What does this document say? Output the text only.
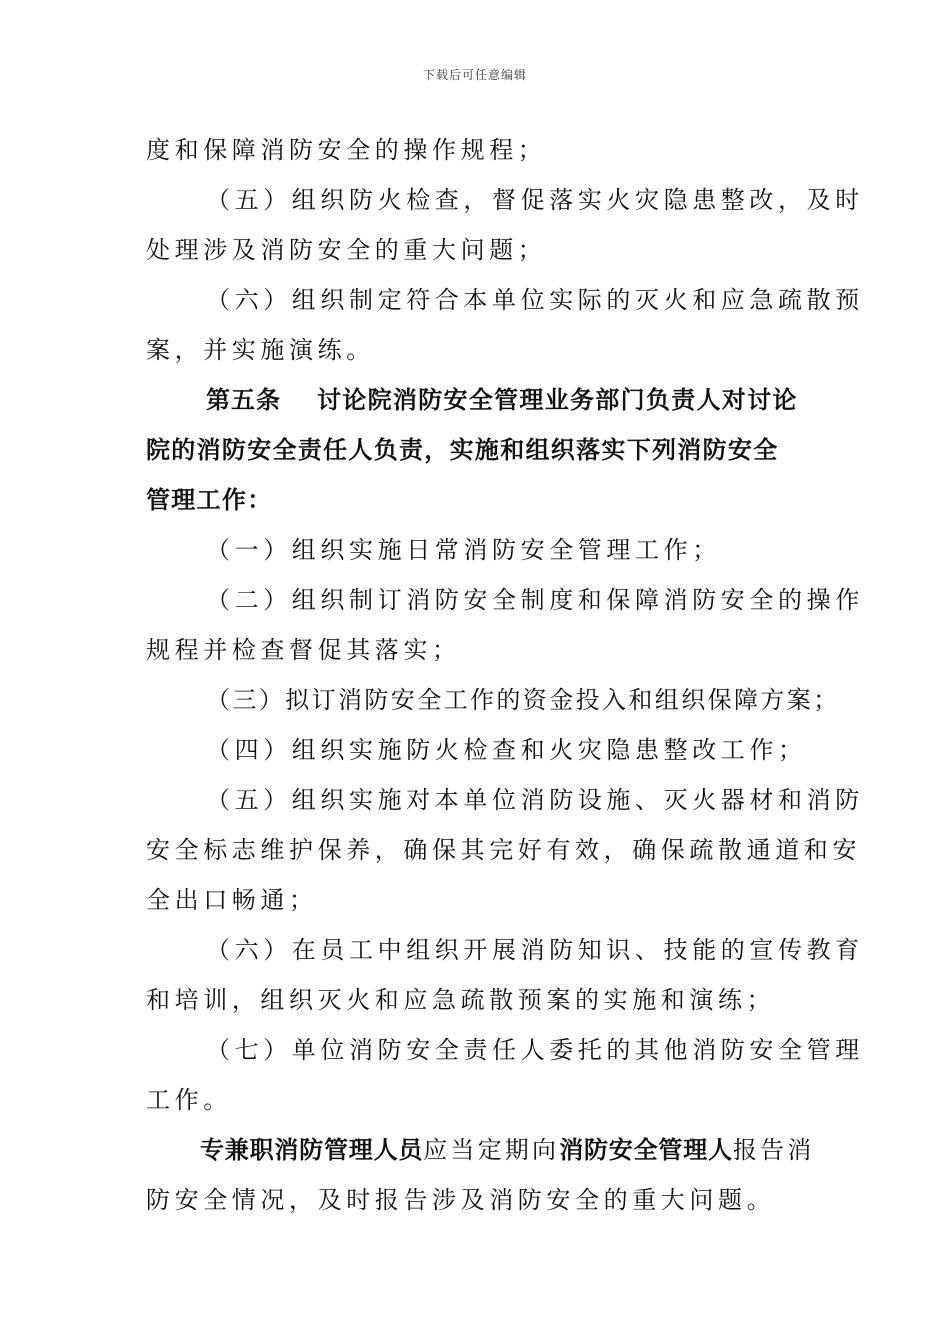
下载后可任意编辑
度和保障消防安全的操作规程；
（五）组织防火检查，督促落实火灾隐患整改，及时
处理涉及消防安全的重大问题；
（六）组织制定符合本单位实际的灭火和应急疏散预
案，并实施演练。
第五条 讨论院消防安全管理业务部门负责人对讨论
院的消防安全责任人负责，实施和组织落实下列消防安全
管理工作：
（一）组织实施日常消防安全管理工作；
（二）组织制订消防安全制度和保障消防安全的操作
规程并检查督促其落实；
（三）拟订消防安全工作的资金投入和组织保障方案；
（四）组织实施防火检查和火灾隐患整改工作；
（五）组织实施对本单位消防设施、灭火器材和消防
安全标志维护保养，确保其完好有效，确保疏散通道和安
全出口畅通；
（六）在员工中组织开展消防知识、技能的宣传教育
和培训，组织灭火和应急疏散预案的实施和演练；
（七）单位消防安全责任人委托的其他消防安全管理
工作。
专兼职消防管理人员应当定期向消防安全管理人报告消
防安全情况，及时报告涉及消防安全的重大问题。
